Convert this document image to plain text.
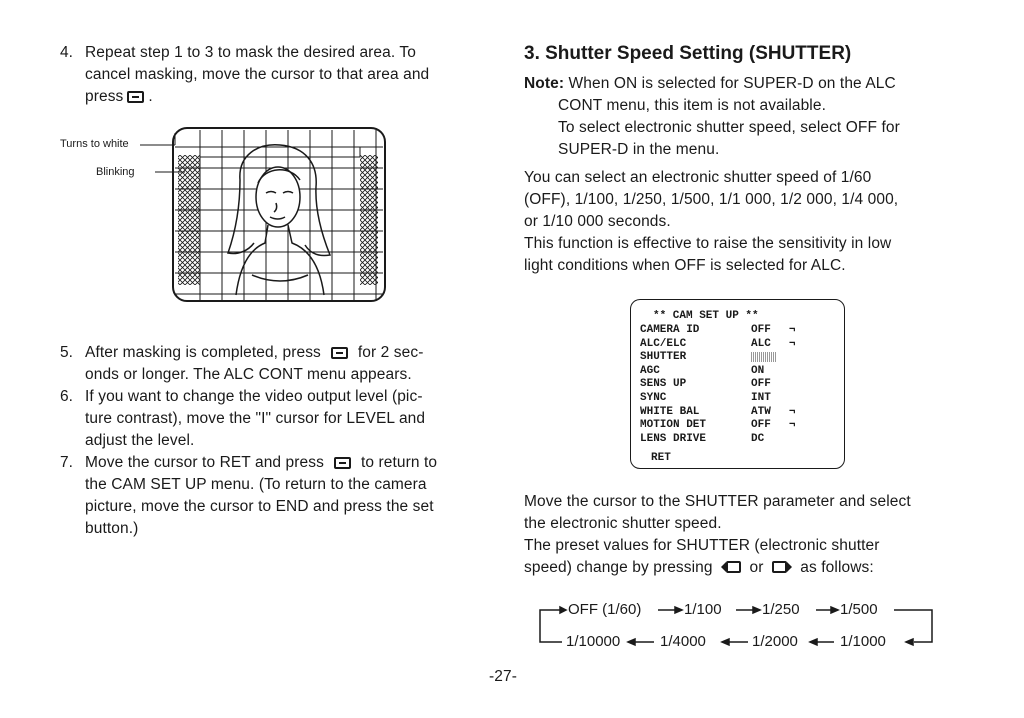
4. Repeat step 1 to 3 to mask the desired area. To
cancel masking, move the cursor to that area and
press .
Turns to white
Blinking
5. After masking is completed, press for 2 sec-
onds or longer. The ALC CONT menu appears.
6. If you want to change the video output level (pic-
ture contrast), move the "I" cursor for LEVEL and
adjust the level.
7. Move the cursor to RET and press to return to
the CAM SET UP menu. (To return to the camera
picture, move the cursor to END and press the set
button.)
3. Shutter Speed Setting (SHUTTER)
Note: When ON is selected for SUPER-D on the ALC
CONT menu, this item is not available.
To select electronic shutter speed, select OFF for
SUPER-D in the menu.
You can select an electronic shutter speed of 1/60
(OFF), 1/100, 1/250, 1/500, 1/1 000, 1/2 000, 1/4 000,
or 1/10 000 seconds.
This function is effective to raise the sensitivity in low
light conditions when OFF is selected for ALC.
** CAM SET UP **
CAMERA ID	OFF ¬
ALC/ELC	ALC ¬
SHUTTER
AGC	ON
SENS UP	OFF
SYNC	INT
WHITE BAL	ATW ¬
MOTION DET	OFF ¬
LENS DRIVE	DC
RET
Move the cursor to the SHUTTER parameter and select
the electronic shutter speed.
The preset values for SHUTTER (electronic shutter
speed) change by pressing or as follows:
OFF (1/60)	1/100	1/250	1/500
1/10000	1/4000	1/2000	1/1000
-27-
